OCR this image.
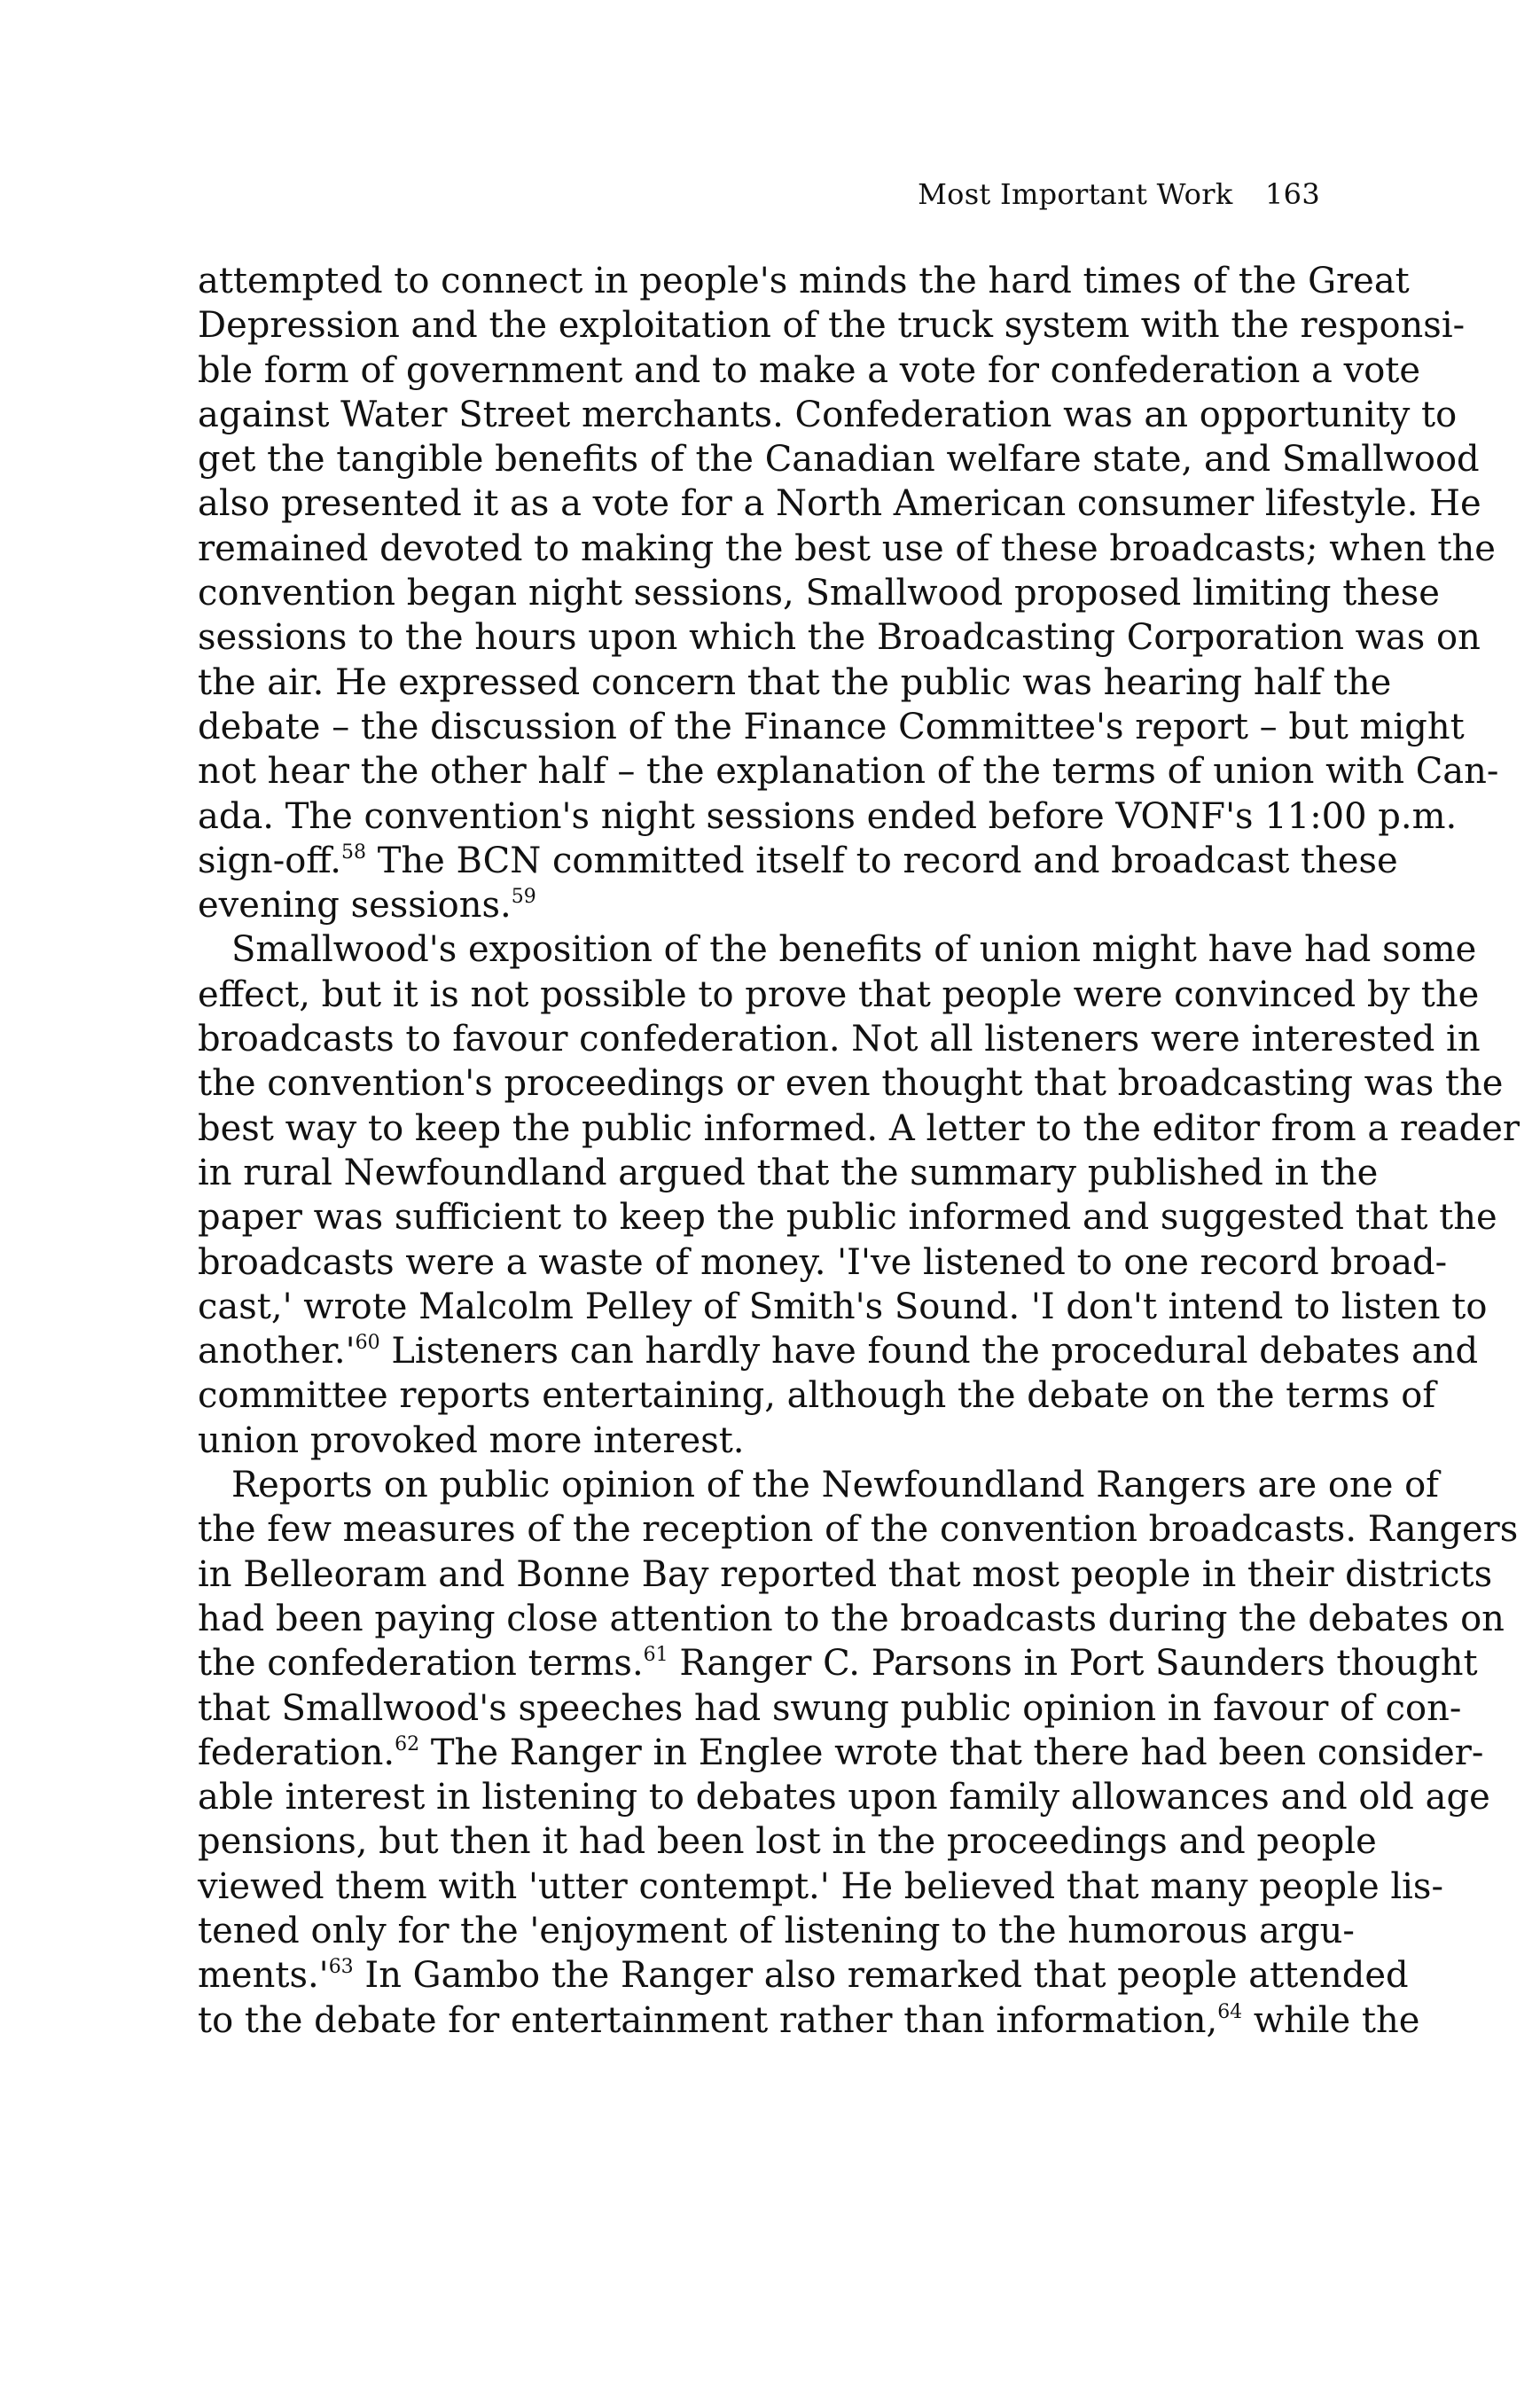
Most Important Work 163
attempted to connect in people's minds the hard times of the Great
Depression and the exploitation of the truck system with the responsi-
ble form of government and to make a vote for confederation a vote
against Water Street merchants. Confederation was an opportunity to
get the tangible benefits of the Canadian welfare state, and Smallwood
also presented it as a vote for a North American consumer lifestyle. He
remained devoted to making the best use of these broadcasts; when the
convention began night sessions, Smallwood proposed limiting these
sessions to the hours upon which the Broadcasting Corporation was on
the air. He expressed concern that the public was hearing half the
debate – the discussion of the Finance Committee's report – but might
not hear the other half – the explanation of the terms of union with Can-
ada. The convention's night sessions ended before VONF's 11:00 p.m.
sign-off.$^{58}$ The BCN committed itself to record and broadcast these
evening sessions.$^{59}$
Smallwood's exposition of the benefits of union might have had some
effect, but it is not possible to prove that people were convinced by the
broadcasts to favour confederation. Not all listeners were interested in
the convention's proceedings or even thought that broadcasting was the
best way to keep the public informed. A letter to the editor from a reader
in rural Newfoundland argued that the summary published in the
paper was sufficient to keep the public informed and suggested that the
broadcasts were a waste of money. 'I've listened to one record broad-
cast,' wrote Malcolm Pelley of Smith's Sound. 'I don't intend to listen to
$another.'^{60}$ Listeners can hardly have found the procedural debates and
committee reports entertaining, although the debate on the terms of
union provoked more interest.
Reports on public opinion of the Newfoundland Rangers are one of
the few measures of the reception of the convention broadcasts. Rangers
in Belleoram and Bonne Bay reported that most people in their districts
had been paying close attention to the broadcasts during the debates on
the confederation terms.$^{61}$ Ranger C. Parsons in Port Saunders thought
that Smallwood's speeches had swung public opinion in favour of con-
federation.$^{62}$ The Ranger in Englee wrote that there had been consider-
able interest in listening to debates upon family allowances and old age
pensions, but then it had been lost in the proceedings and people
viewed them with 'utter contempt.' He believed that many people lis-
tened only for the 'enjoyment of listening to the humorous argu-
$ments.'^{63}$ In Gambo the Ranger also remarked that people attended
to the debate for entertainment rather than information,$^{64}$ while the
